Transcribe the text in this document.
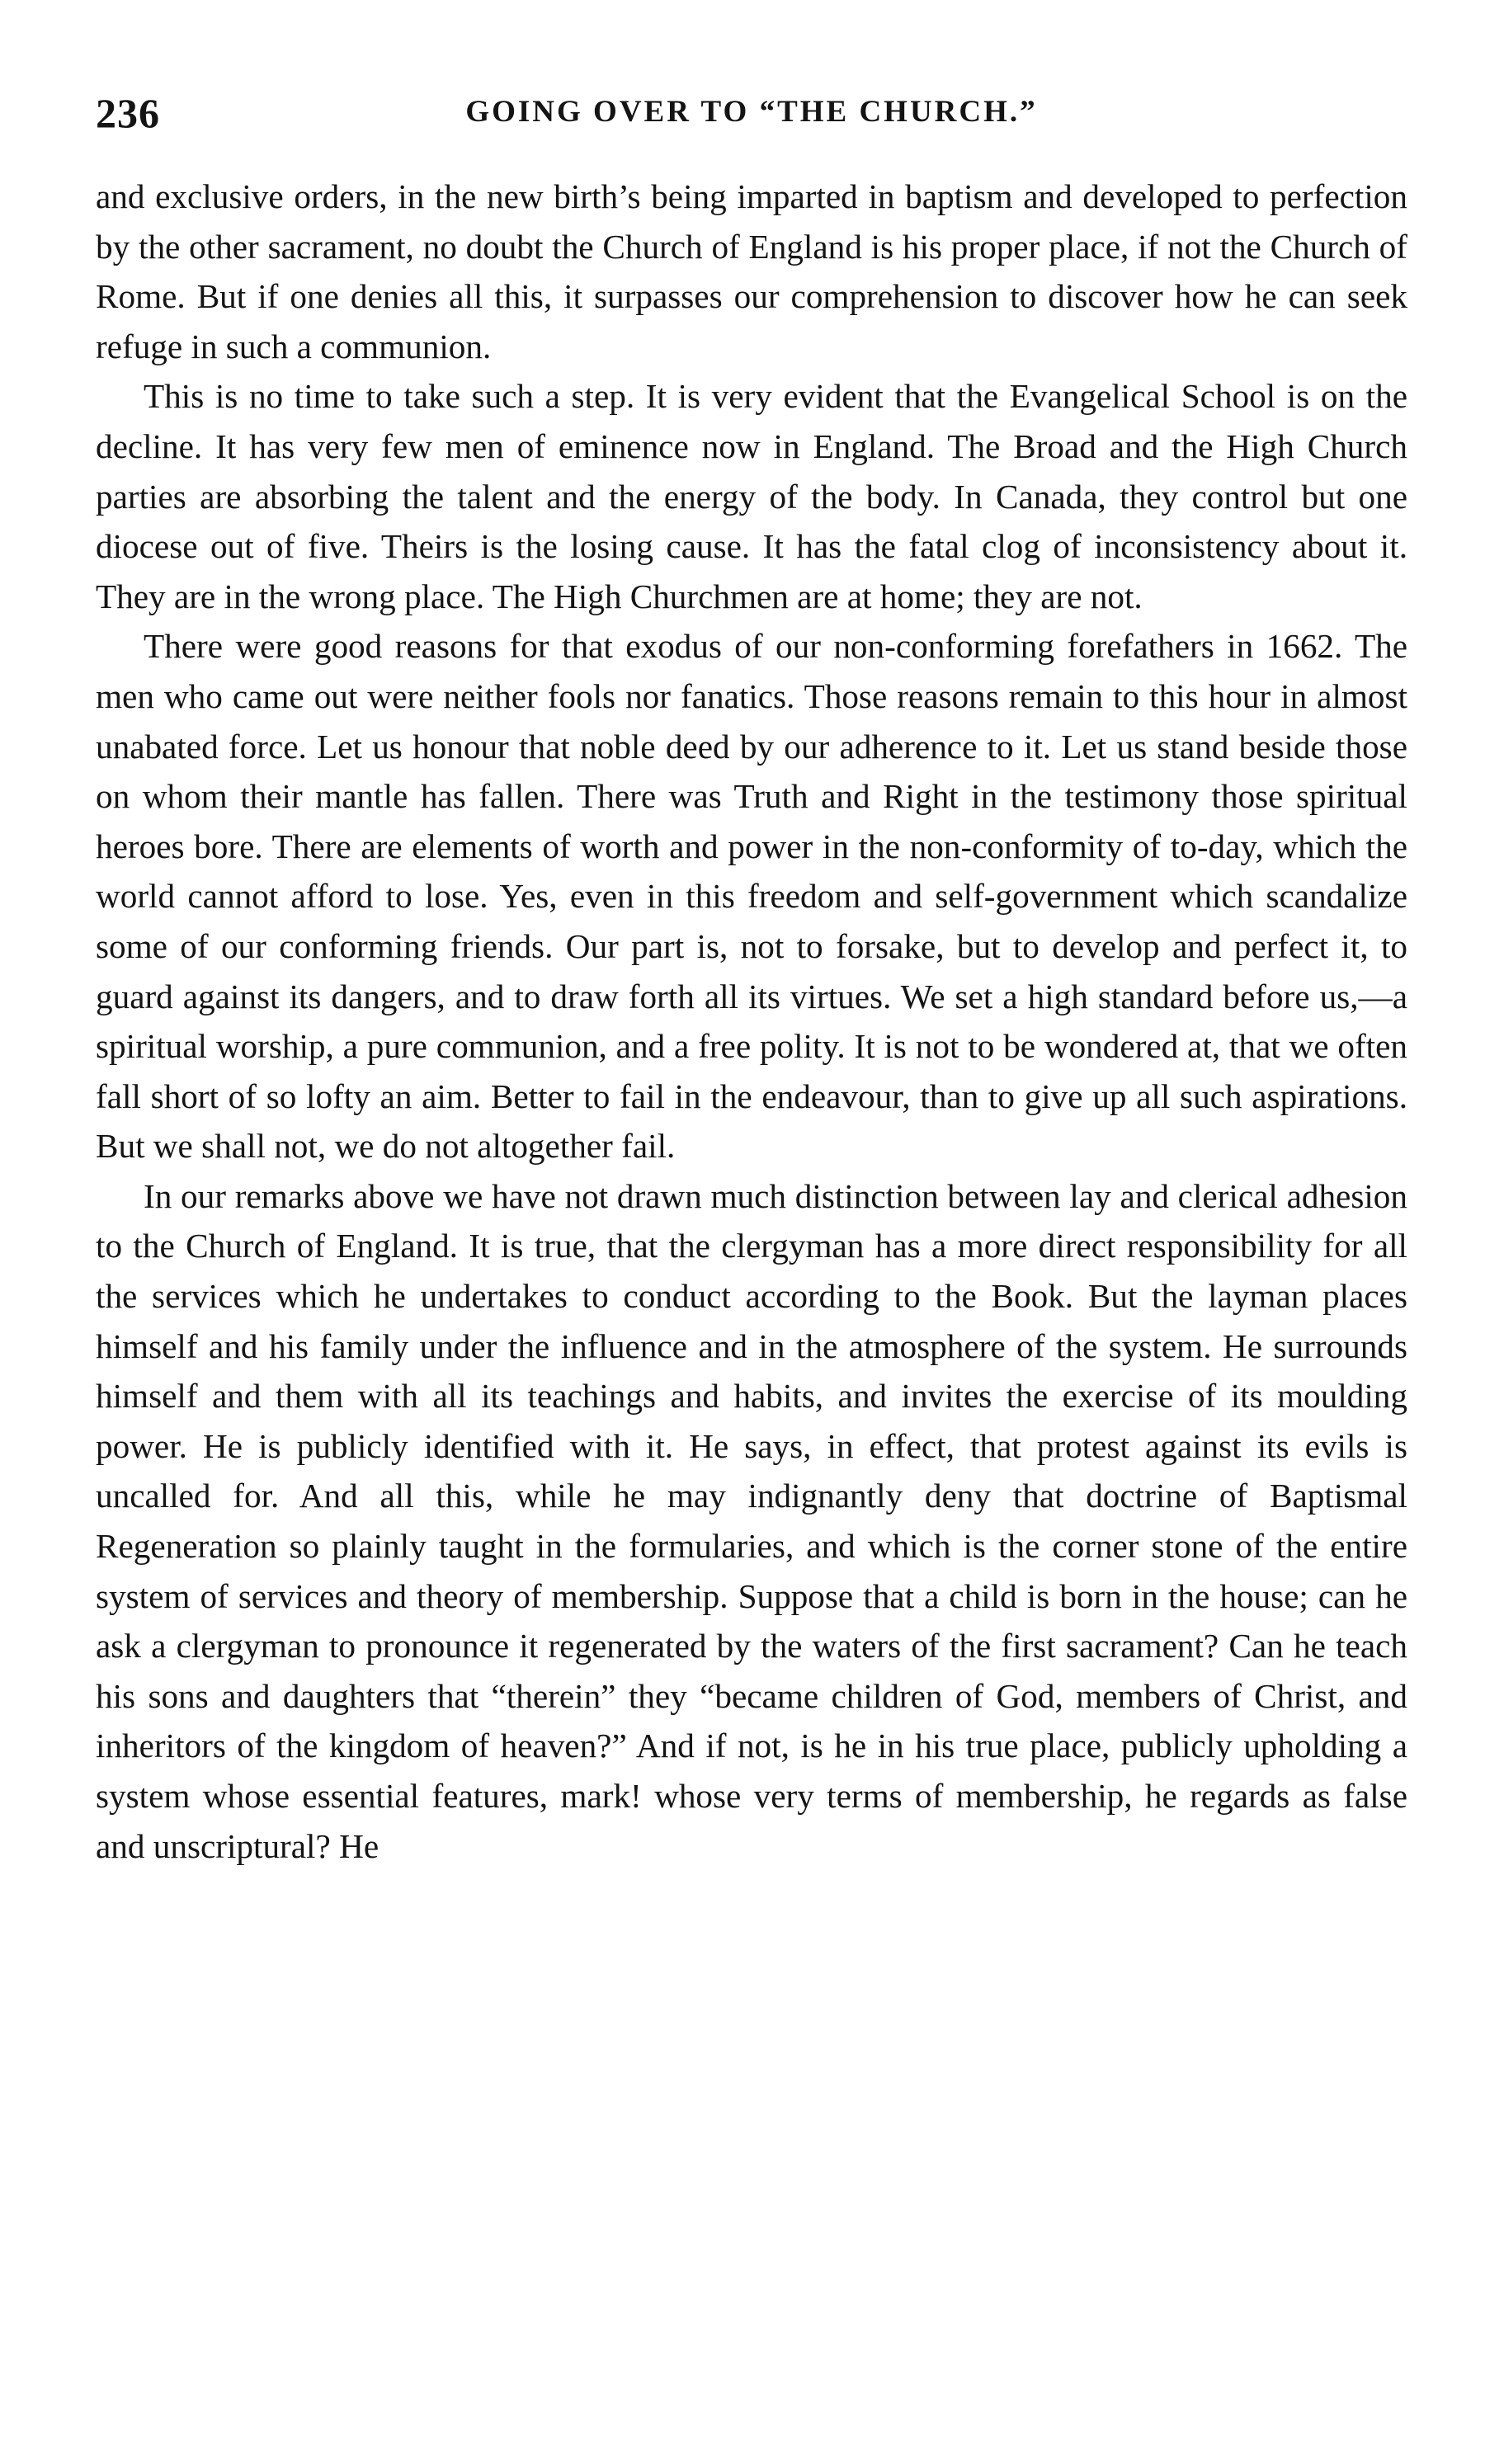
236	GOING OVER TO “THE CHURCH.”

and exclusive orders, in the new birth’s being imparted in baptism and developed to perfection by the other sacrament, no doubt the Church of England is his proper place, if not the Church of Rome. But if one denies all this, it surpasses our comprehension to discover how he can seek refuge in such a communion.

This is no time to take such a step. It is very evident that the Evangelical School is on the decline. It has very few men of eminence now in England. The Broad and the High Church parties are absorbing the talent and the energy of the body. In Canada, they control but one diocese out of five. Theirs is the losing cause. It has the fatal clog of inconsistency about it. They are in the wrong place. The High Churchmen are at home; they are not.

There were good reasons for that exodus of our non-conforming forefathers in 1662. The men who came out were neither fools nor fanatics. Those reasons remain to this hour in almost unabated force. Let us honour that noble deed by our adherence to it. Let us stand beside those on whom their mantle has fallen. There was Truth and Right in the testimony those spiritual heroes bore. There are elements of worth and power in the non-conformity of to-day, which the world cannot afford to lose. Yes, even in this freedom and self-government which scandalize some of our conforming friends. Our part is, not to forsake, but to develop and perfect it, to guard against its dangers, and to draw forth all its virtues. We set a high standard before us,—a spiritual worship, a pure communion, and a free polity. It is not to be wondered at, that we often fall short of so lofty an aim. Better to fail in the endeavour, than to give up all such aspirations. But we shall not, we do not altogether fail.

In our remarks above we have not drawn much distinction between lay and clerical adhesion to the Church of England. It is true, that the clergyman has a more direct responsibility for all the services which he undertakes to conduct according to the Book. But the layman places himself and his family under the influence and in the atmosphere of the system. He surrounds himself and them with all its teachings and habits, and invites the exercise of its moulding power. He is publicly identified with it. He says, in effect, that protest against its evils is uncalled for. And all this, while he may indignantly deny that doctrine of Baptismal Regeneration so plainly taught in the formularies, and which is the corner stone of the entire system of services and theory of membership. Suppose that a child is born in the house; can he ask a clergyman to pronounce it regenerated by the waters of the first sacrament? Can he teach his sons and daughters that “therein” they “became children of God, members of Christ, and inheritors of the kingdom of heaven?” And if not, is he in his true place, publicly upholding a system whose essential features, mark! whose very terms of membership, he regards as false and unscriptural? He
